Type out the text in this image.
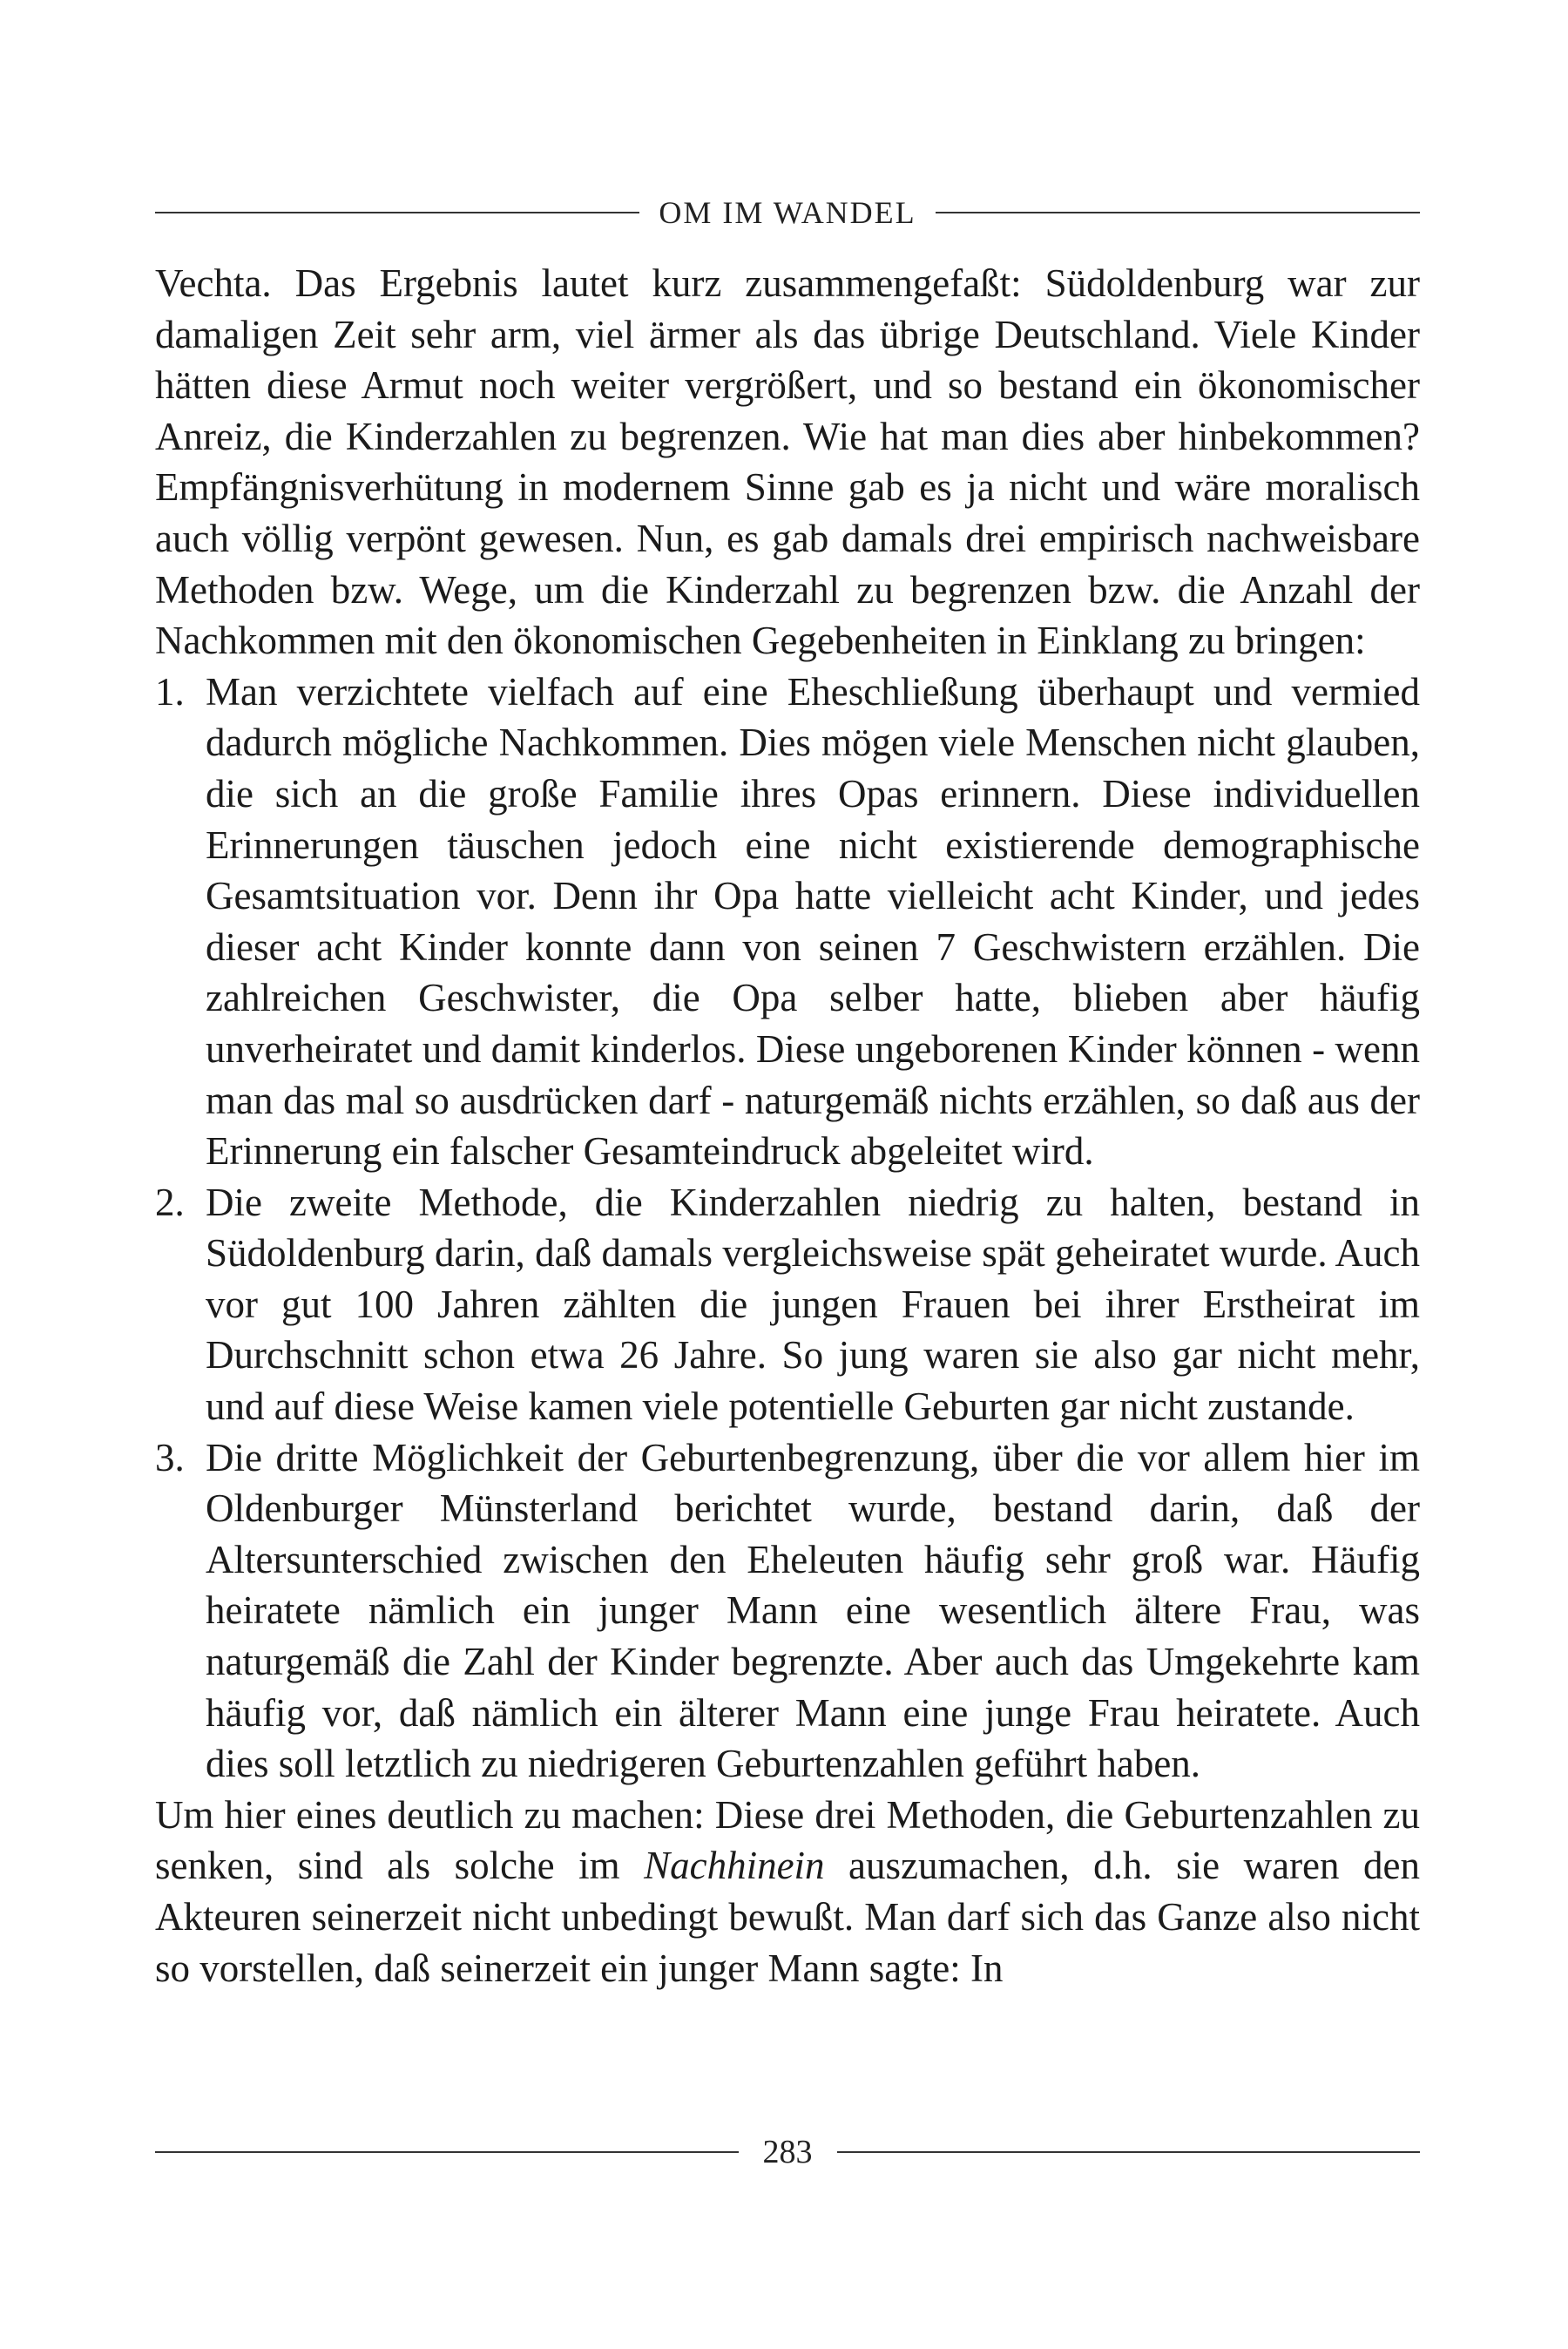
OM IM WANDEL

Vechta. Das Ergebnis lautet kurz zusammengefaßt: Südoldenburg war zur damaligen Zeit sehr arm, viel ärmer als das übrige Deutschland. Viele Kinder hätten diese Armut noch weiter vergrößert, und so bestand ein ökonomischer Anreiz, die Kinderzahlen zu begrenzen. Wie hat man dies aber hinbekommen? Empfängnisverhütung in modernem Sinne gab es ja nicht und wäre moralisch auch völlig verpönt gewesen. Nun, es gab damals drei empirisch nachweisbare Methoden bzw. Wege, um die Kinderzahl zu begrenzen bzw. die Anzahl der Nachkommen mit den ökonomischen Gegebenheiten in Einklang zu bringen:

1. Man verzichtete vielfach auf eine Eheschließung überhaupt und vermied dadurch mögliche Nachkommen. Dies mögen viele Menschen nicht glauben, die sich an die große Familie ihres Opas erinnern. Diese individuellen Erinnerungen täuschen jedoch eine nicht existierende demographische Gesamtsituation vor. Denn ihr Opa hatte vielleicht acht Kinder, und jedes dieser acht Kinder konnte dann von seinen 7 Geschwistern erzählen. Die zahlreichen Geschwister, die Opa selber hatte, blieben aber häufig unverheiratet und damit kinderlos. Diese ungeborenen Kinder können - wenn man das mal so ausdrücken darf - naturgemäß nichts erzählen, so daß aus der Erinnerung ein falscher Gesamteindruck abgeleitet wird.
2. Die zweite Methode, die Kinderzahlen niedrig zu halten, bestand in Südoldenburg darin, daß damals vergleichsweise spät geheiratet wurde. Auch vor gut 100 Jahren zählten die jungen Frauen bei ihrer Erstheirat im Durchschnitt schon etwa 26 Jahre. So jung waren sie also gar nicht mehr, und auf diese Weise kamen viele potentielle Geburten gar nicht zustande.
3. Die dritte Möglichkeit der Geburtenbegrenzung, über die vor allem hier im Oldenburger Münsterland berichtet wurde, bestand darin, daß der Altersunterschied zwischen den Eheleuten häufig sehr groß war. Häufig heiratete nämlich ein junger Mann eine wesentlich ältere Frau, was naturgemäß die Zahl der Kinder begrenzte. Aber auch das Umgekehrte kam häufig vor, daß nämlich ein älterer Mann eine junge Frau heiratete. Auch dies soll letztlich zu niedrigeren Geburtenzahlen geführt haben.

Um hier eines deutlich zu machen: Diese drei Methoden, die Geburtenzahlen zu senken, sind als solche im Nachhinein auszumachen, d.h. sie waren den Akteuren seinerzeit nicht unbedingt bewußt. Man darf sich das Ganze also nicht so vorstellen, daß seinerzeit ein junger Mann sagte: In

283
